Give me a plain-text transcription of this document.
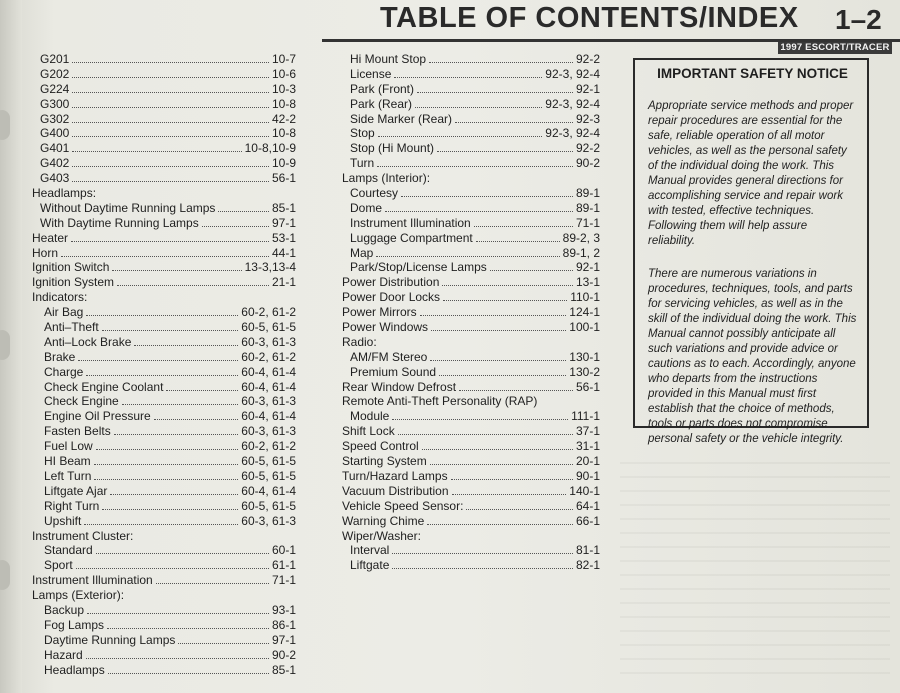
TABLE OF CONTENTS/INDEX 1–2
1997 ESCORT/TRACER
G201	10-7
G202	10-6
G224	10-3
G300	10-8
G302	42-2
G400	10-8
G401	10-8,10-9
G402	10-9
G403	56-1
Headlamps:
Without Daytime Running Lamps	85-1
With Daytime Running Lamps	97-1
Heater	53-1
Horn	44-1
Ignition Switch	13-3,13-4
Ignition System	21-1
Indicators:
Air Bag	60-2, 61-2
Anti–Theft	60-5, 61-5
Anti–Lock Brake	60-3, 61-3
Brake	60-2, 61-2
Charge	60-4, 61-4
Check Engine Coolant	60-4, 61-4
Check Engine	60-3, 61-3
Engine Oil Pressure	60-4, 61-4
Fasten Belts	60-3, 61-3
Fuel Low	60-2, 61-2
HI Beam	60-5, 61-5
Left Turn	60-5, 61-5
Liftgate Ajar	60-4, 61-4
Right Turn	60-5, 61-5
Upshift	60-3, 61-3
Instrument Cluster:
Standard	60-1
Sport	61-1
Instrument Illumination	71-1
Lamps (Exterior):
Backup	93-1
Fog Lamps	86-1
Daytime Running Lamps	97-1
Hazard	90-2
Headlamps	85-1
Hi Mount Stop	92-2
License	92-3, 92-4
Park (Front)	92-1
Park (Rear)	92-3, 92-4
Side Marker (Rear)	92-3
Stop	92-3, 92-4
Stop (Hi Mount)	92-2
Turn	90-2
Lamps (Interior):
Courtesy	89-1
Dome	89-1
Instrument Illumination	71-1
Luggage Compartment	89-2, 3
Map	89-1, 2
Park/Stop/License Lamps	92-1
Power Distribution	13-1
Power Door Locks	110-1
Power Mirrors	124-1
Power Windows	100-1
Radio:
AM/FM Stereo	130-1
Premium Sound	130-2
Rear Window Defrost	56-1
Remote Anti-Theft Personality (RAP)
Module	111-1
Shift Lock	37-1
Speed Control	31-1
Starting System	20-1
Turn/Hazard Lamps	90-1
Vacuum Distribution	140-1
Vehicle Speed Sensor:	64-1
Warning Chime	66-1
Wiper/Washer:
Interval	81-1
Liftgate	82-1
IMPORTANT SAFETY NOTICE

Appropriate service methods and proper repair procedures are essential for the safe, reliable operation of all motor vehicles, as well as the personal safety of the individual doing the work. This Manual provides general directions for accomplishing service and repair work with tested, effective techniques. Following them will help assure reliability.

There are numerous variations in procedures, techniques, tools, and parts for servicing vehicles, as well as in the skill of the individual doing the work. This Manual cannot possibly anticipate all such variations and provide advice or cautions as to each. Accordingly, anyone who departs from the instructions provided in this Manual must first establish that the choice of methods, tools or parts does not compromise personal safety or the vehicle integrity.
